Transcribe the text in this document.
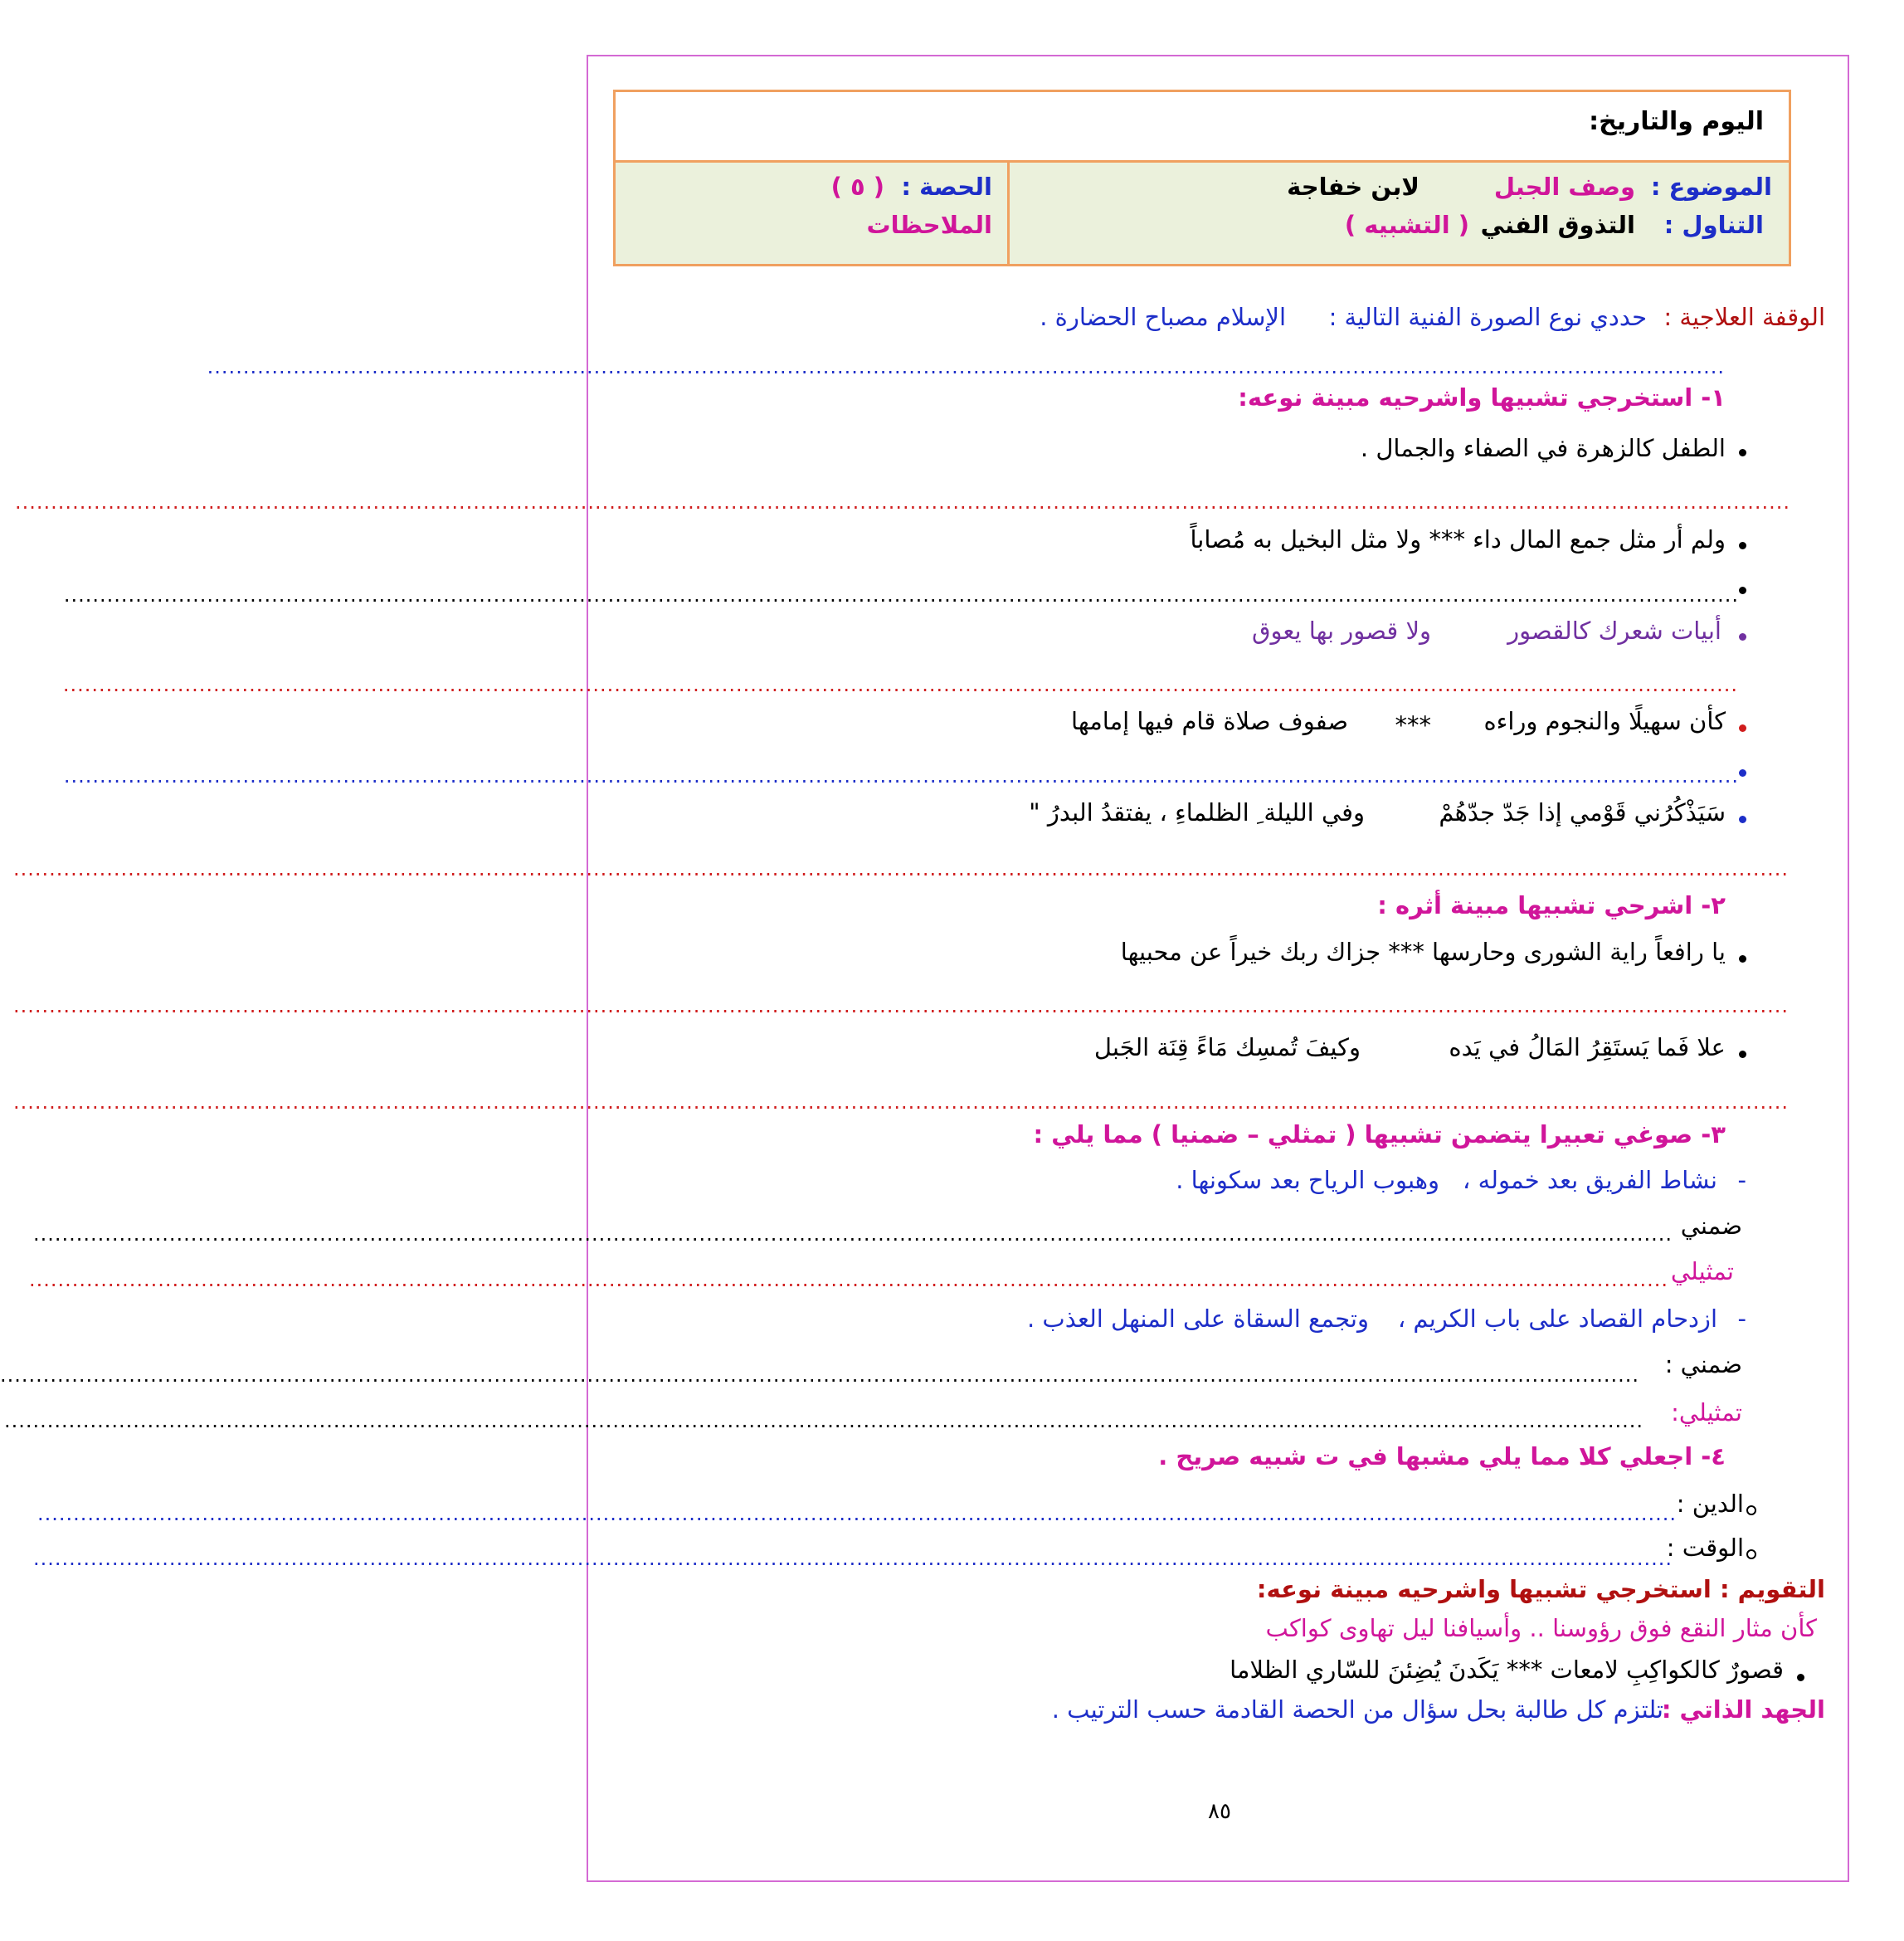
اليوم والتاريخ:
الموضوع :
وصف الجبل
لابن خفاجة
التناول :
التذوق الفني
( التشبيه )
الحصة :
( ٥ )
الملاحظات
الوقفة العلاجية :
حددي نوع الصورة الفنية التالية :
الإسلام مصباح الحضارة .
....................................................................................................................................................................................................................
١- استخرجي تشبيها واشرحيه مبينة نوعه:
الطفل كالزهرة في الصفاء والجمال .
........................................................................................................................................................................................................................................................
ولم أر مثل جمع المال داء *** ولا مثل البخيل به مُصاباً
..........................................................................................................................................................................................................................................
أبيات شعرك كالقصور
ولا قصور بها يعوق
..........................................................................................................................................................................................................................................
كأن سهيلًا والنجوم وراءه
***
صفوف صلاة قام فيها إمامها
..........................................................................................................................................................................................................................................
سَيَذْكُرُني قَوْمي إذا جَدّ جدّهُمْ
وفي الليلة ِ الظلماءِ ، يفتقدُ البدرُ "
........................................................................................................................................................................................................................................................
٢- اشرحي تشبيها مبينة أثره :
يا رافعاً راية الشورى وحارسها *** جزاك ربك خيراً عن محبيها
........................................................................................................................................................................................................................................................
علا فَما يَستَقِرُ المَالُ في يَده
وكيفَ تُمسِك مَاءً قِنَة الجَبل
........................................................................................................................................................................................................................................................
٣- صوغي تعبيرا يتضمن تشبيها ( تمثلي – ضمنيا ) مما يلي :
-
نشاط الفريق بعد خموله ،
وهبوب الرياح بعد سكونها .
ضمني
.....................................................................................................................................................................................................................................
تمثيلي
.....................................................................................................................................................................................................................................
-
ازدحام القصاد على باب الكريم ،
وتجمع السقاة على المنهل العذب .
ضمني :
.....................................................................................................................................................................................................................................
تمثيلي:
.....................................................................................................................................................................................................................................
٤- اجعلي كلا مما يلي مشبها في ت شبيه صريح .
الدين :
.....................................................................................................................................................................................................................................
الوقت :
.....................................................................................................................................................................................................................................
التقويم : استخرجي تشبيها واشرحيه مبينة نوعه:
كأن مثار النقع فوق رؤوسنا .. وأسيافنا ليل تهاوى كواكب
قصورٌ كالكواكِبِ لامعات *** يَكَدنَ يُضِئنَ للسّاري الظلاما
الجهد الذاتي :
تلتزم كل طالبة بحل سؤال من الحصة القادمة حسب الترتيب .
٨٥
